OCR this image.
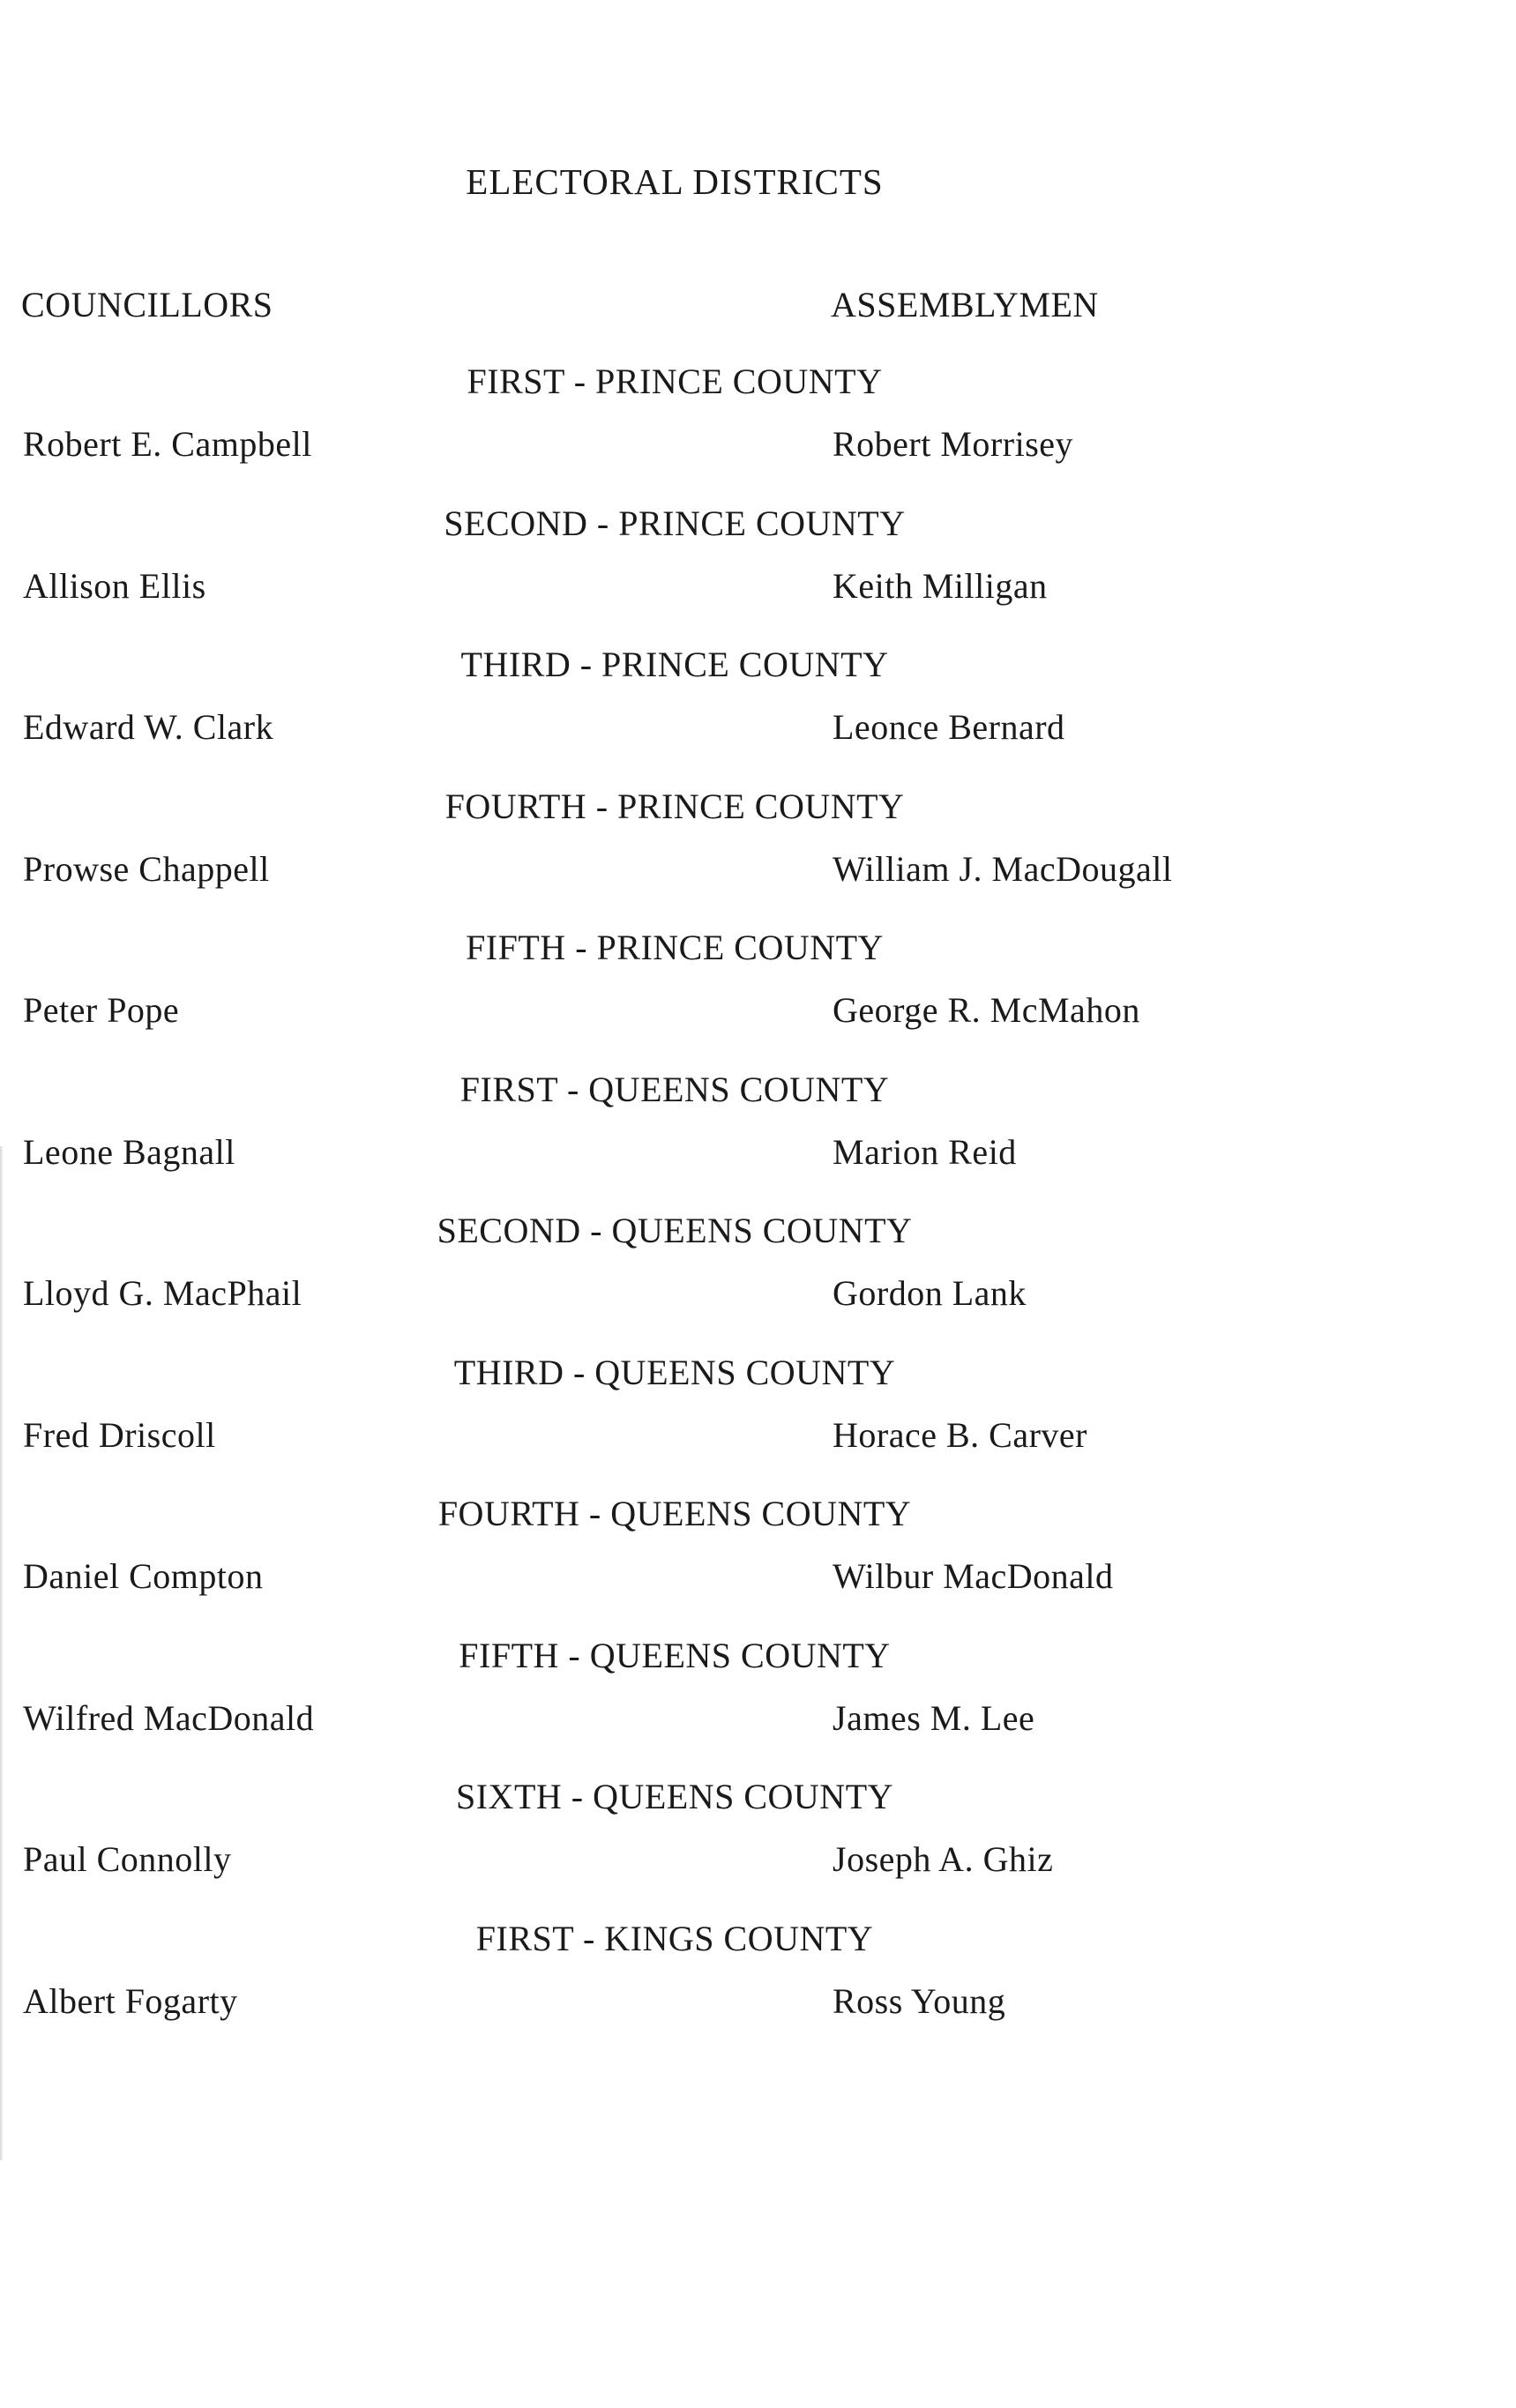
ELECTORAL DISTRICTS
COUNCILLORS	ASSEMBLYMEN
FIRST - PRINCE COUNTY
Robert E. Campbell	Robert Morrisey
SECOND - PRINCE COUNTY
Allison Ellis	Keith Milligan
THIRD - PRINCE COUNTY
Edward W. Clark	Leonce Bernard
FOURTH - PRINCE COUNTY
Prowse Chappell	William J. MacDougall
FIFTH - PRINCE COUNTY
Peter Pope	George R. McMahon
FIRST - QUEENS COUNTY
Leone Bagnall	Marion Reid
SECOND - QUEENS COUNTY
Lloyd G. MacPhail	Gordon Lank
THIRD - QUEENS COUNTY
Fred Driscoll	Horace B. Carver
FOURTH - QUEENS COUNTY
Daniel Compton	Wilbur MacDonald
FIFTH - QUEENS COUNTY
Wilfred MacDonald	James M. Lee
SIXTH - QUEENS COUNTY
Paul Connolly	Joseph A. Ghiz
FIRST - KINGS COUNTY
Albert Fogarty	Ross Young
